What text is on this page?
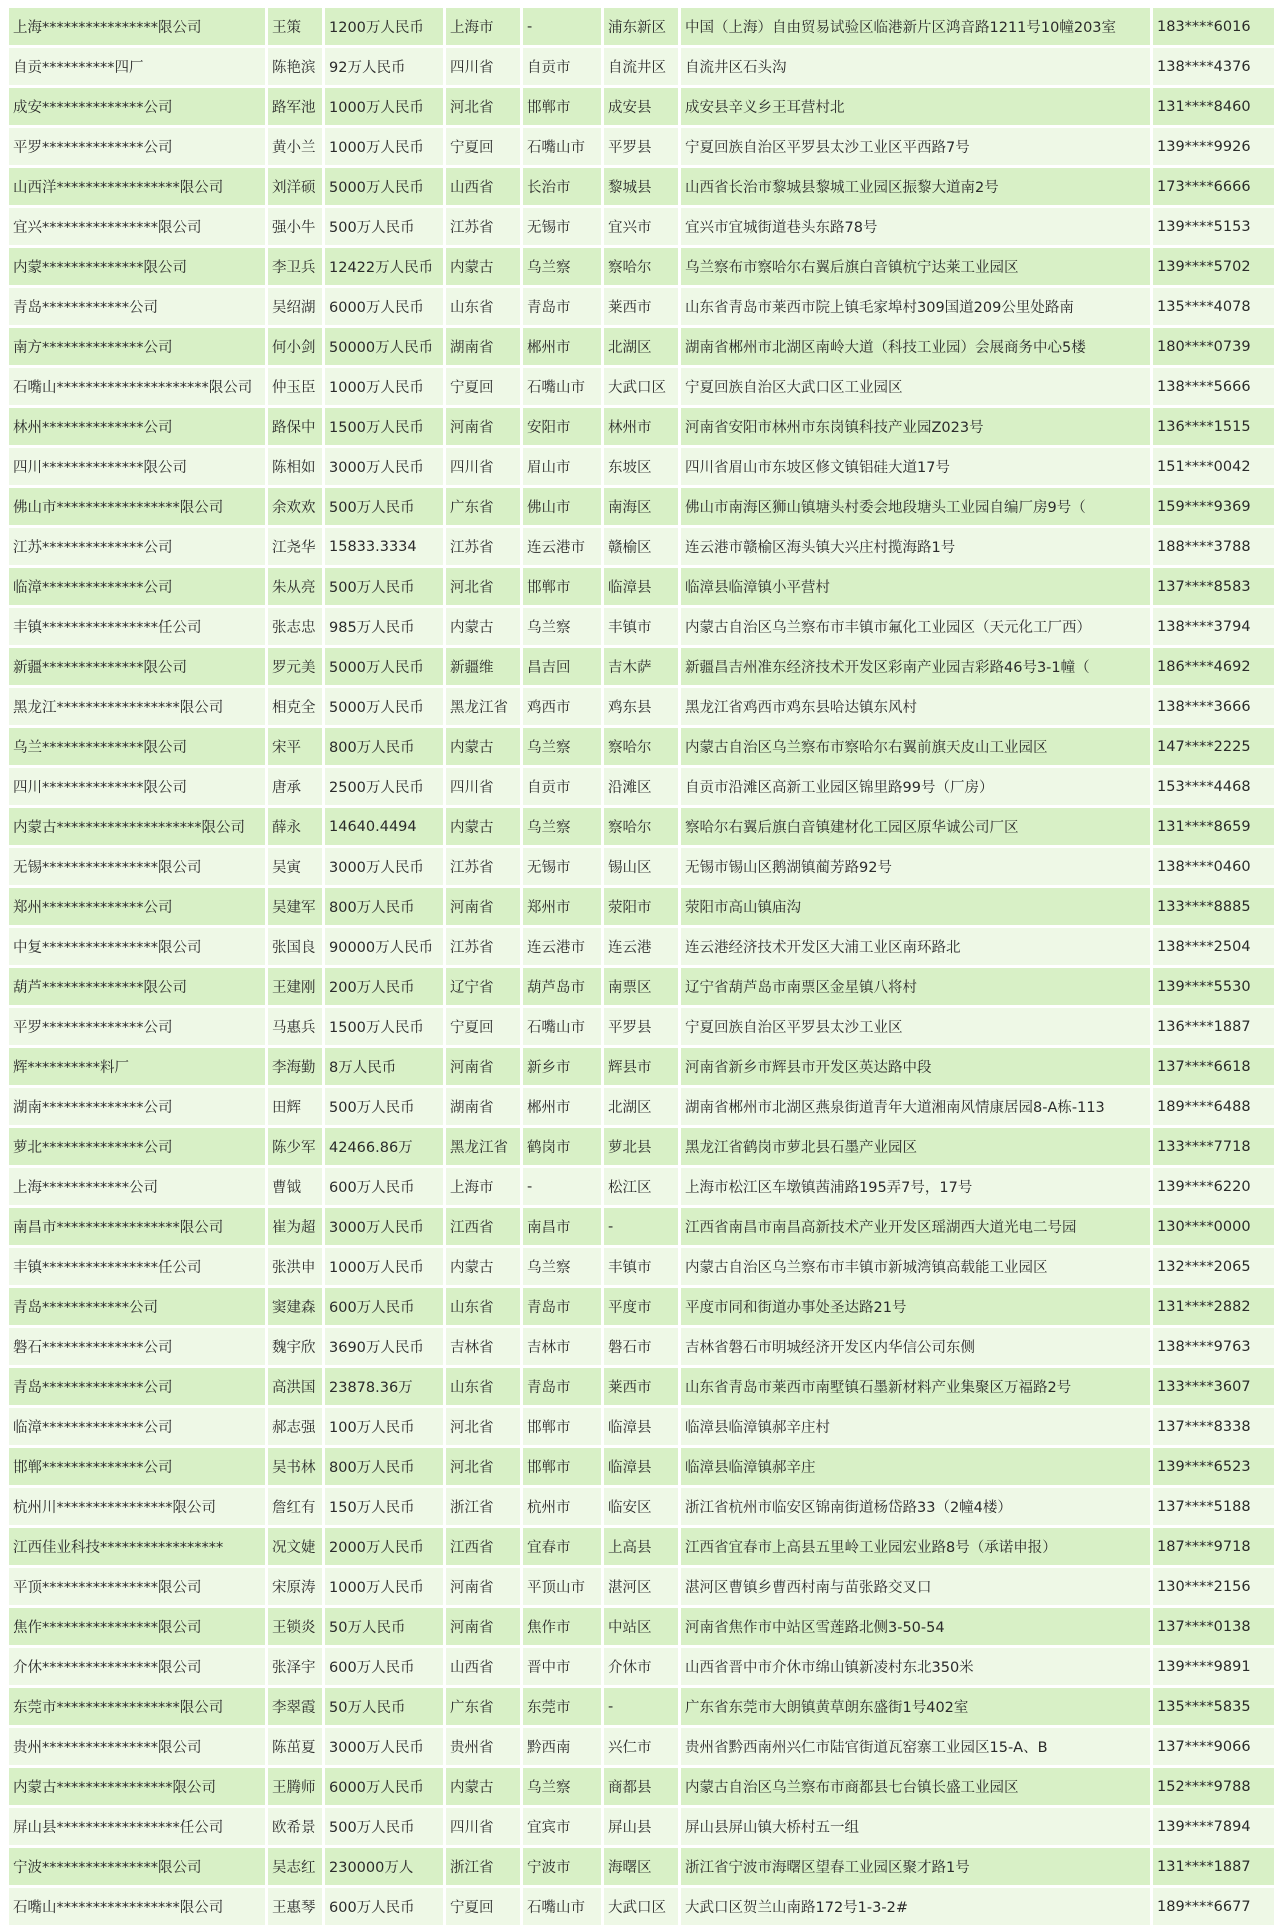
上海****************限公司	王策	1200万人民币	上海市	-	浦东新区	中国（上海）自由贸易试验区临港新片区鸿音路1211号10幢203室	183****6016
自贡**********四厂	陈艳滨	92万人民币	四川省	自贡市	自流井区	自流井区石头沟	138****4376
成安**************公司	路军池	1000万人民币	河北省	邯郸市	成安县	成安县辛义乡王耳营村北	131****8460
平罗**************公司	黄小兰	1000万人民币	宁夏回	石嘴山市	平罗县	宁夏回族自治区平罗县太沙工业区平西路7号	139****9926
山西洋*****************限公司	刘洋硕	5000万人民币	山西省	长治市	黎城县	山西省长治市黎城县黎城工业园区振黎大道南2号	173****6666
宜兴****************限公司	强小牛	500万人民币	江苏省	无锡市	宜兴市	宜兴市宜城街道巷头东路78号	139****5153
内蒙**************限公司	李卫兵	12422万人民币	内蒙古	乌兰察	察哈尔	乌兰察布市察哈尔右翼后旗白音镇杭宁达莱工业园区	139****5702
青岛************公司	吴绍湖	6000万人民币	山东省	青岛市	莱西市	山东省青岛市莱西市院上镇毛家埠村309国道209公里处路南	135****4078
南方**************公司	何小剑	50000万人民币	湖南省	郴州市	北湖区	湖南省郴州市北湖区南岭大道（科技工业园）会展商务中心5楼	180****0739
石嘴山*********************限公司	仲玉臣	1000万人民币	宁夏回	石嘴山市	大武口区	宁夏回族自治区大武口区工业园区	138****5666
林州**************公司	路保中	1500万人民币	河南省	安阳市	林州市	河南省安阳市林州市东岗镇科技产业园Z023号	136****1515
四川**************限公司	陈相如	3000万人民币	四川省	眉山市	东坡区	四川省眉山市东坡区修文镇铝硅大道17号	151****0042
佛山市*****************限公司	余欢欢	500万人民币	广东省	佛山市	南海区	佛山市南海区狮山镇塘头村委会地段塘头工业园自编厂房9号（	159****9369
江苏**************公司	江尧华	15833.3334	江苏省	连云港市	赣榆区	连云港市赣榆区海头镇大兴庄村揽海路1号	188****3788
临漳**************公司	朱从亮	500万人民币	河北省	邯郸市	临漳县	临漳县临漳镇小平营村	137****8583
丰镇****************任公司	张志忠	985万人民币	内蒙古	乌兰察	丰镇市	内蒙古自治区乌兰察布市丰镇市氟化工业园区（天元化工厂西）	138****3794
新疆**************限公司	罗元美	5000万人民币	新疆维	昌吉回	吉木萨	新疆昌吉州准东经济技术开发区彩南产业园吉彩路46号3-1幢（	186****4692
黑龙江*****************限公司	相克全	5000万人民币	黑龙江省	鸡西市	鸡东县	黑龙江省鸡西市鸡东县哈达镇东风村	138****3666
乌兰**************限公司	宋平	800万人民币	内蒙古	乌兰察	察哈尔	内蒙古自治区乌兰察布市察哈尔右翼前旗天皮山工业园区	147****2225
四川**************限公司	唐承	2500万人民币	四川省	自贡市	沿滩区	自贡市沿滩区高新工业园区锦里路99号（厂房）	153****4468
内蒙古********************限公司	薛永	14640.4494	内蒙古	乌兰察	察哈尔	察哈尔右翼后旗白音镇建材化工园区原华诚公司厂区	131****8659
无锡****************限公司	吴寅	3000万人民币	江苏省	无锡市	锡山区	无锡市锡山区鹅湖镇蔺芳路92号	138****0460
郑州**************公司	吴建军	800万人民币	河南省	郑州市	荥阳市	荥阳市高山镇庙沟	133****8885
中复****************限公司	张国良	90000万人民币	江苏省	连云港市	连云港	连云港经济技术开发区大浦工业区南环路北	138****2504
葫芦**************限公司	王建刚	200万人民币	辽宁省	葫芦岛市	南票区	辽宁省葫芦岛市南票区金星镇八将村	139****5530
平罗**************公司	马惠兵	1500万人民币	宁夏回	石嘴山市	平罗县	宁夏回族自治区平罗县太沙工业区	136****1887
辉**********料厂	李海勤	8万人民币	河南省	新乡市	辉县市	河南省新乡市辉县市开发区英达路中段	137****6618
湖南**************公司	田辉	500万人民币	湖南省	郴州市	北湖区	湖南省郴州市北湖区燕泉街道青年大道湘南风情康居园8-A栋-113	189****6488
萝北**************公司	陈少军	42466.86万	黑龙江省	鹤岗市	萝北县	黑龙江省鹤岗市萝北县石墨产业园区	133****7718
上海************公司	曹钺	600万人民币	上海市	-	松江区	上海市松江区车墩镇茜浦路195弄7号，17号	139****6220
南昌市*****************限公司	崔为超	3000万人民币	江西省	南昌市	-	江西省南昌市南昌高新技术产业开发区瑶湖西大道光电二号园	130****0000
丰镇****************任公司	张洪申	1000万人民币	内蒙古	乌兰察	丰镇市	内蒙古自治区乌兰察布市丰镇市新城湾镇高载能工业园区	132****2065
青岛************公司	窦建森	600万人民币	山东省	青岛市	平度市	平度市同和街道办事处圣达路21号	131****2882
磐石**************公司	魏宇欣	3690万人民币	吉林省	吉林市	磐石市	吉林省磐石市明城经济开发区内华信公司东侧	138****9763
青岛**************公司	高洪国	23878.36万	山东省	青岛市	莱西市	山东省青岛市莱西市南墅镇石墨新材料产业集聚区万福路2号	133****3607
临漳**************公司	郝志强	100万人民币	河北省	邯郸市	临漳县	临漳县临漳镇郝辛庄村	137****8338
邯郸**************公司	吴书林	800万人民币	河北省	邯郸市	临漳县	临漳县临漳镇郝辛庄	139****6523
杭州川****************限公司	詹红有	150万人民币	浙江省	杭州市	临安区	浙江省杭州市临安区锦南街道杨岱路33（2幢4楼）	137****5188
江西佳业科技*****************	况文婕	2000万人民币	江西省	宜春市	上高县	江西省宜春市上高县五里岭工业园宏业路8号（承诺申报）	187****9718
平顶****************限公司	宋原涛	1000万人民币	河南省	平顶山市	湛河区	湛河区曹镇乡曹西村南与苗张路交叉口	130****2156
焦作****************限公司	王锁炎	50万人民币	河南省	焦作市	中站区	河南省焦作市中站区雪莲路北侧3-50-54	137****0138
介休****************限公司	张泽宇	600万人民币	山西省	晋中市	介休市	山西省晋中市介休市绵山镇新凌村东北350米	139****9891
东莞市*****************限公司	李翠霞	50万人民币	广东省	东莞市	-	广东省东莞市大朗镇黄草朗东盛街1号402室	135****5835
贵州****************限公司	陈茁夏	3000万人民币	贵州省	黔西南	兴仁市	贵州省黔西南州兴仁市陆官街道瓦窑寨工业园区15-A、B	137****9066
内蒙古****************限公司	王腾师	6000万人民币	内蒙古	乌兰察	商都县	内蒙古自治区乌兰察布市商都县七台镇长盛工业园区	152****9788
屏山县*****************任公司	欧希景	500万人民币	四川省	宜宾市	屏山县	屏山县屏山镇大桥村五一组	139****7894
宁波****************限公司	吴志红	230000万人	浙江省	宁波市	海曙区	浙江省宁波市海曙区望春工业园区聚才路1号	131****1887
石嘴山*****************限公司	王惠琴	600万人民币	宁夏回	石嘴山市	大武口区	大武口区贺兰山南路172号1-3-2#	189****6677
